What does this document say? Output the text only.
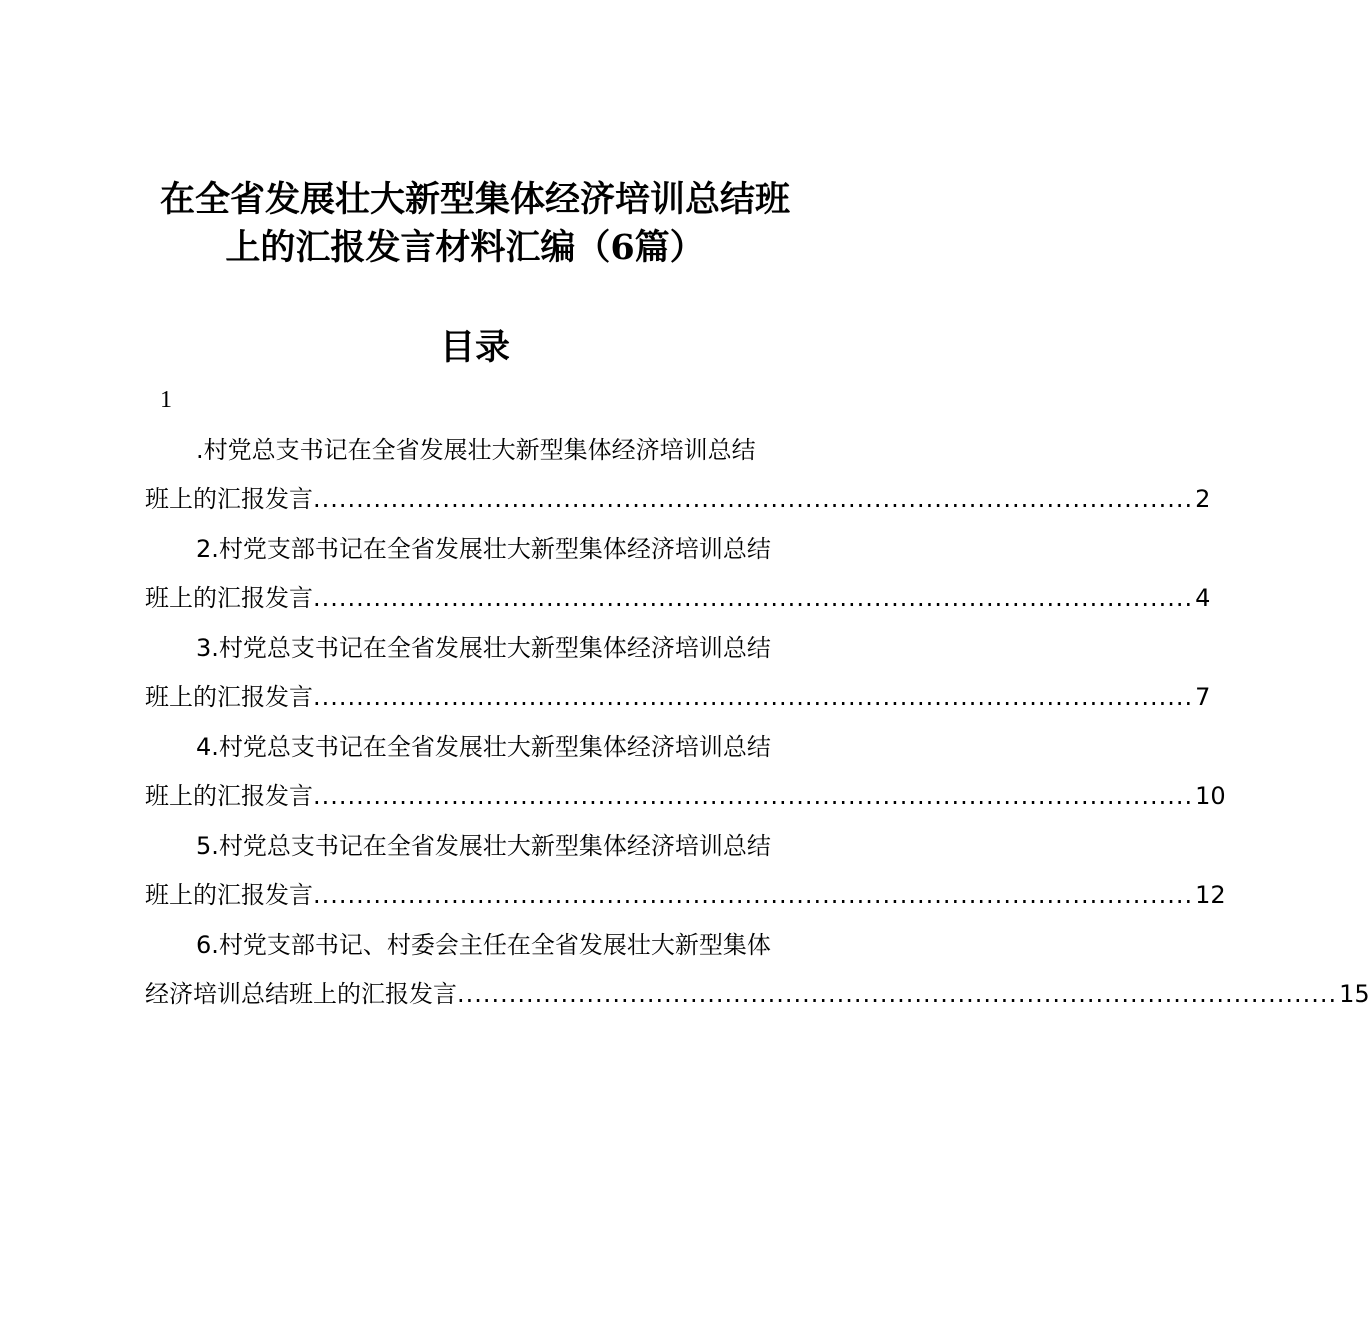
在全省发展壮大新型集体经济培训总结班
上的汇报发言材料汇编（6篇）
目录
1
.村党总支书记在全省发展壮大新型集体经济培训总结
班上的汇报发言 ...................................................................................................... 2
2.村党支部书记在全省发展壮大新型集体经济培训总结
班上的汇报发言 ...................................................................................................... 4
3.村党总支书记在全省发展壮大新型集体经济培训总结
班上的汇报发言 ...................................................................................................... 7
4.村党总支书记在全省发展壮大新型集体经济培训总结
班上的汇报发言 ...................................................................................................... 10
5.村党总支书记在全省发展壮大新型集体经济培训总结
班上的汇报发言 ...................................................................................................... 12
6.村党支部书记、村委会主任在全省发展壮大新型集体
经济培训总结班上的汇报发言 ...................................................................................................... 15
